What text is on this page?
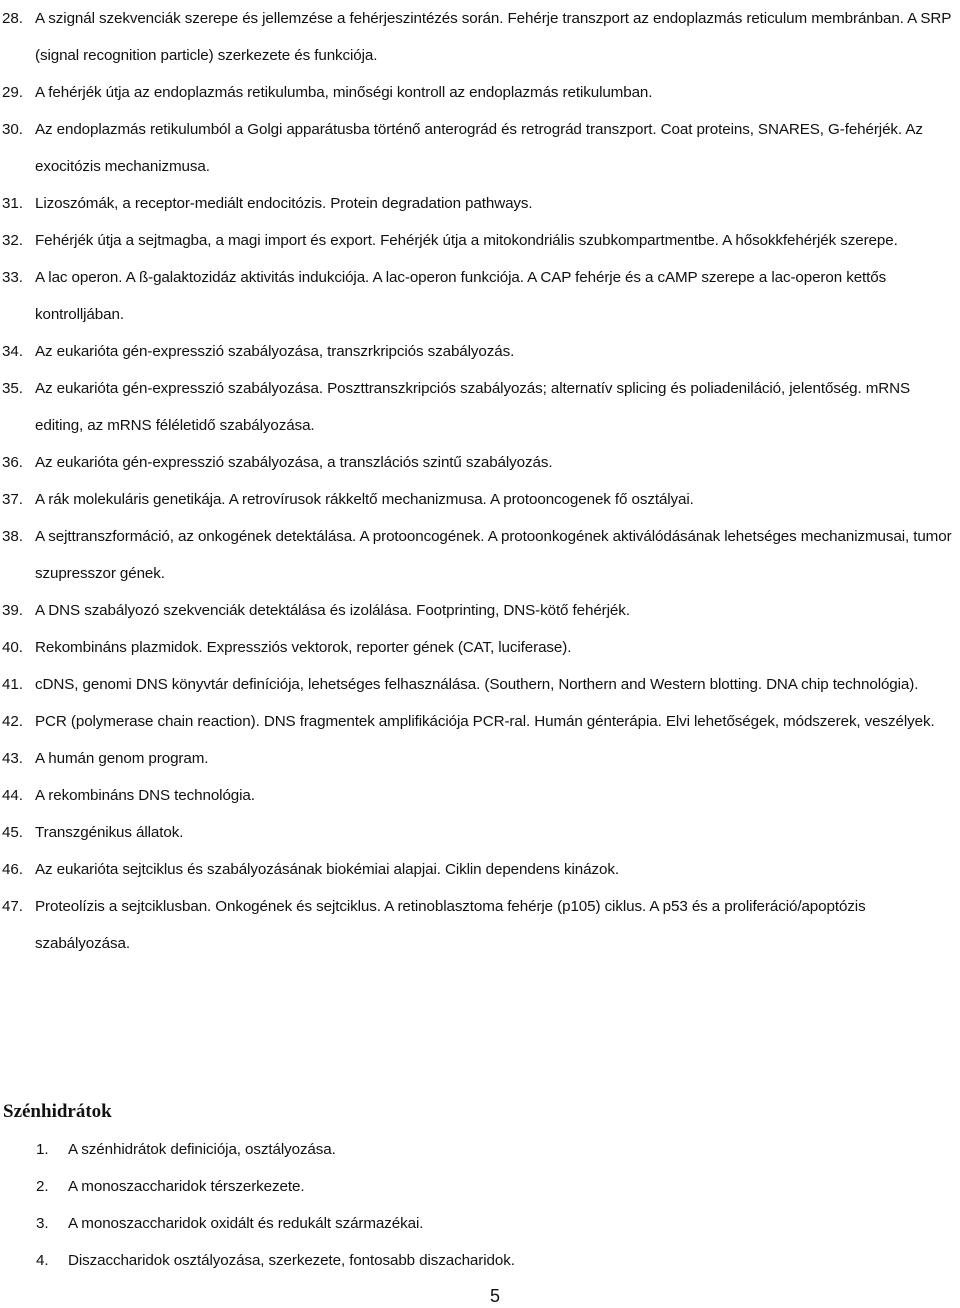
28. A szignál szekvenciák szerepe és jellemzése a fehérjeszintézés során. Fehérje transzport az endoplazmás reticulum membránban. A SRP (signal recognition particle) szerkezete és funkciója.
29. A fehérjék útja az endoplazmás retikulumba, minőségi kontroll az endoplazmás retikulumban.
30. Az endoplazmás retikulumból a Golgi apparátusba történő anterográd és retrográd transzport. Coat proteins, SNARES, G-fehérjék. Az exocitózis mechanizmusa.
31. Lizoszómák, a receptor-mediált endocitózis. Protein degradation pathways.
32. Fehérjék útja a sejtmagba, a magi import és export. Fehérjék útja a mitokondriális szubkompartmentbe. A hősokkfehérjék szerepe.
33. A lac operon. A ß-galaktozidáz aktivitás indukciója. A lac-operon funkciója. A CAP fehérje és a cAMP szerepe a lac-operon kettős kontrolljában.
34. Az eukarióta gén-expresszió szabályozása, transzrkripciós szabályozás.
35. Az eukarióta gén-expresszió szabályozása. Poszttranszkripciós szabályozás; alternatív splicing és poliadeniláció, jelentőség. mRNS editing, az mRNS féléletidő szabályozása.
36. Az eukarióta gén-expresszió szabályozása, a transzlációs szintű szabályozás.
37. A rák molekuláris genetikája. A retrovírusok rákkeltő mechanizmusa. A protooncogenek fő osztályai.
38. A sejttranszformáció, az onkogének detektálása. A protooncogének. A protoonkogének aktiválódásának lehetséges mechanizmusai, tumor szupresszor gének.
39. A DNS szabályozó szekvenciák detektálása és izolálása. Footprinting, DNS-kötő fehérjék.
40. Rekombináns plazmidok. Expressziós vektorok, reporter gének (CAT, luciferase).
41. cDNS, genomi DNS könyvtár definíciója, lehetséges felhasználása. (Southern, Northern and Western blotting. DNA chip technológia).
42. PCR (polymerase chain reaction). DNS fragmentek amplifikációja PCR-ral. Humán génterápia. Elvi lehetőségek, módszerek, veszélyek.
43. A humán genom program.
44. A rekombináns DNS technológia.
45. Transzgénikus állatok.
46. Az eukarióta sejtciklus és szabályozásának biokémiai alapjai. Ciklin dependens kinázok.
47. Proteolízis a sejtciklusban. Onkogének és sejtciklus. A retinoblasztoma fehérje (p105) ciklus. A p53 és a proliferáció/apoptózis szabályozása.
Szénhidrátok
1. A szénhidrátok definiciója, osztályozása.
2. A monoszaccharidok térszerkezete.
3. A monoszaccharidok oxidált és redukált származékai.
4. Diszaccharidok osztályozása, szerkezete, fontosabb diszacharidok.
5
